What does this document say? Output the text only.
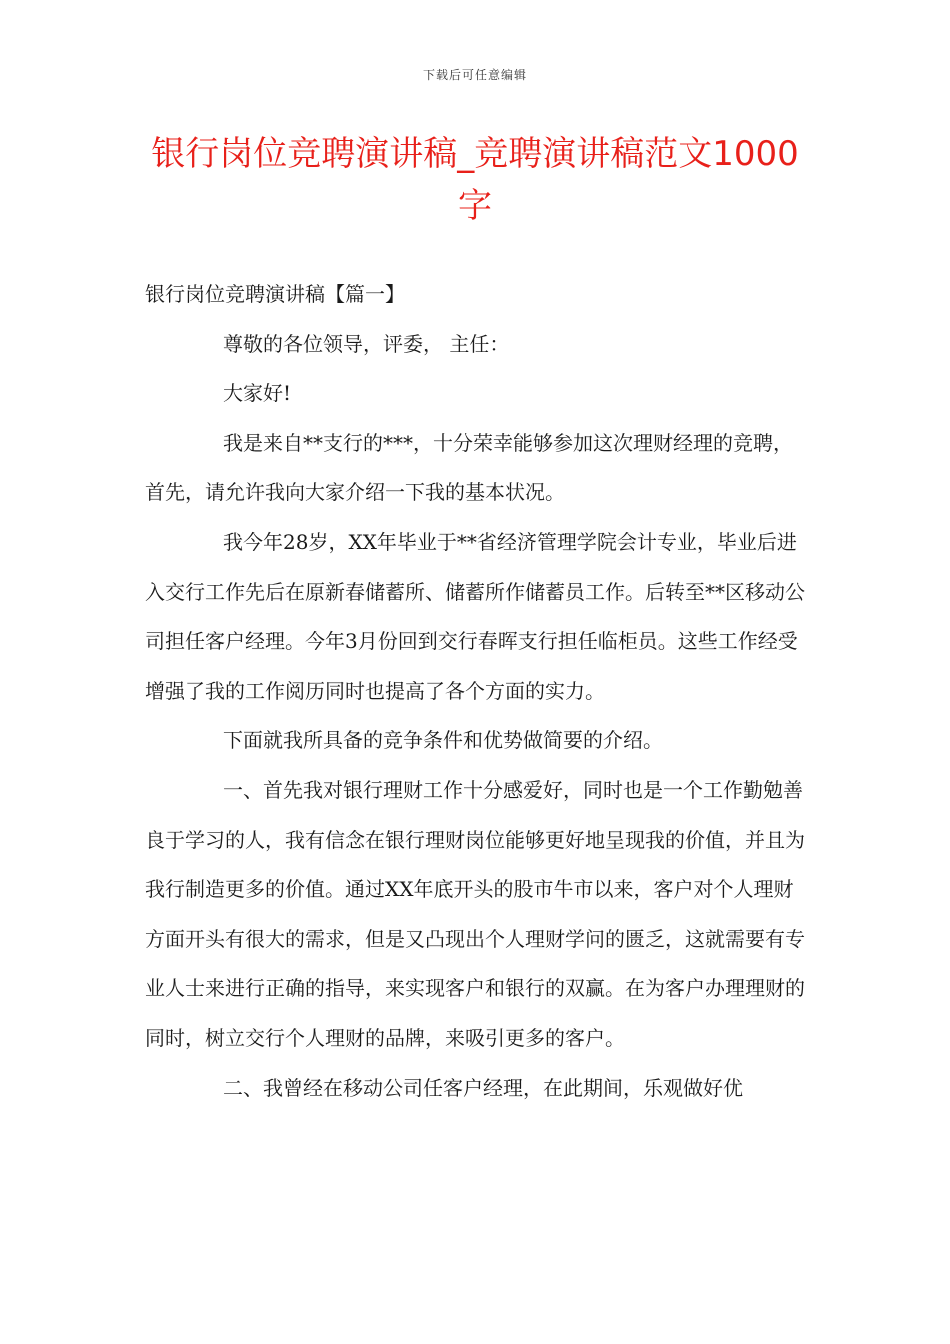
下载后可任意编辑
银行岗位竞聘演讲稿_竞聘演讲稿范文1000字

银行岗位竞聘演讲稿【篇一】

尊敬的各位领导，评委， 主任：

大家好!

我是来自**支行的***，十分荣幸能够参加这次理财经理的竞聘，首先，请允许我向大家介绍一下我的基本状况。

我今年28岁，XX年毕业于**省经济管理学院会计专业，毕业后进入交行工作先后在原新春储蓄所、储蓄所作储蓄员工作。后转至**区移动公司担任客户经理。今年3月份回到交行春晖支行担任临柜员。这些工作经受增强了我的工作阅历同时也提高了各个方面的实力。

下面就我所具备的竞争条件和优势做简要的介绍。

一、首先我对银行理财工作十分感爱好，同时也是一个工作勤勉善良于学习的人，我有信念在银行理财岗位能够更好地呈现我的价值，并且为我行制造更多的价值。通过XX年底开头的股市牛市以来，客户对个人理财方面开头有很大的需求，但是又凸现出个人理财学问的匮乏，这就需要有专业人士来进行正确的指导，来实现客户和银行的双赢。在为客户办理理财的同时，树立交行个人理财的品牌，来吸引更多的客户。

二、我曾经在移动公司任客户经理，在此期间，乐观做好优
